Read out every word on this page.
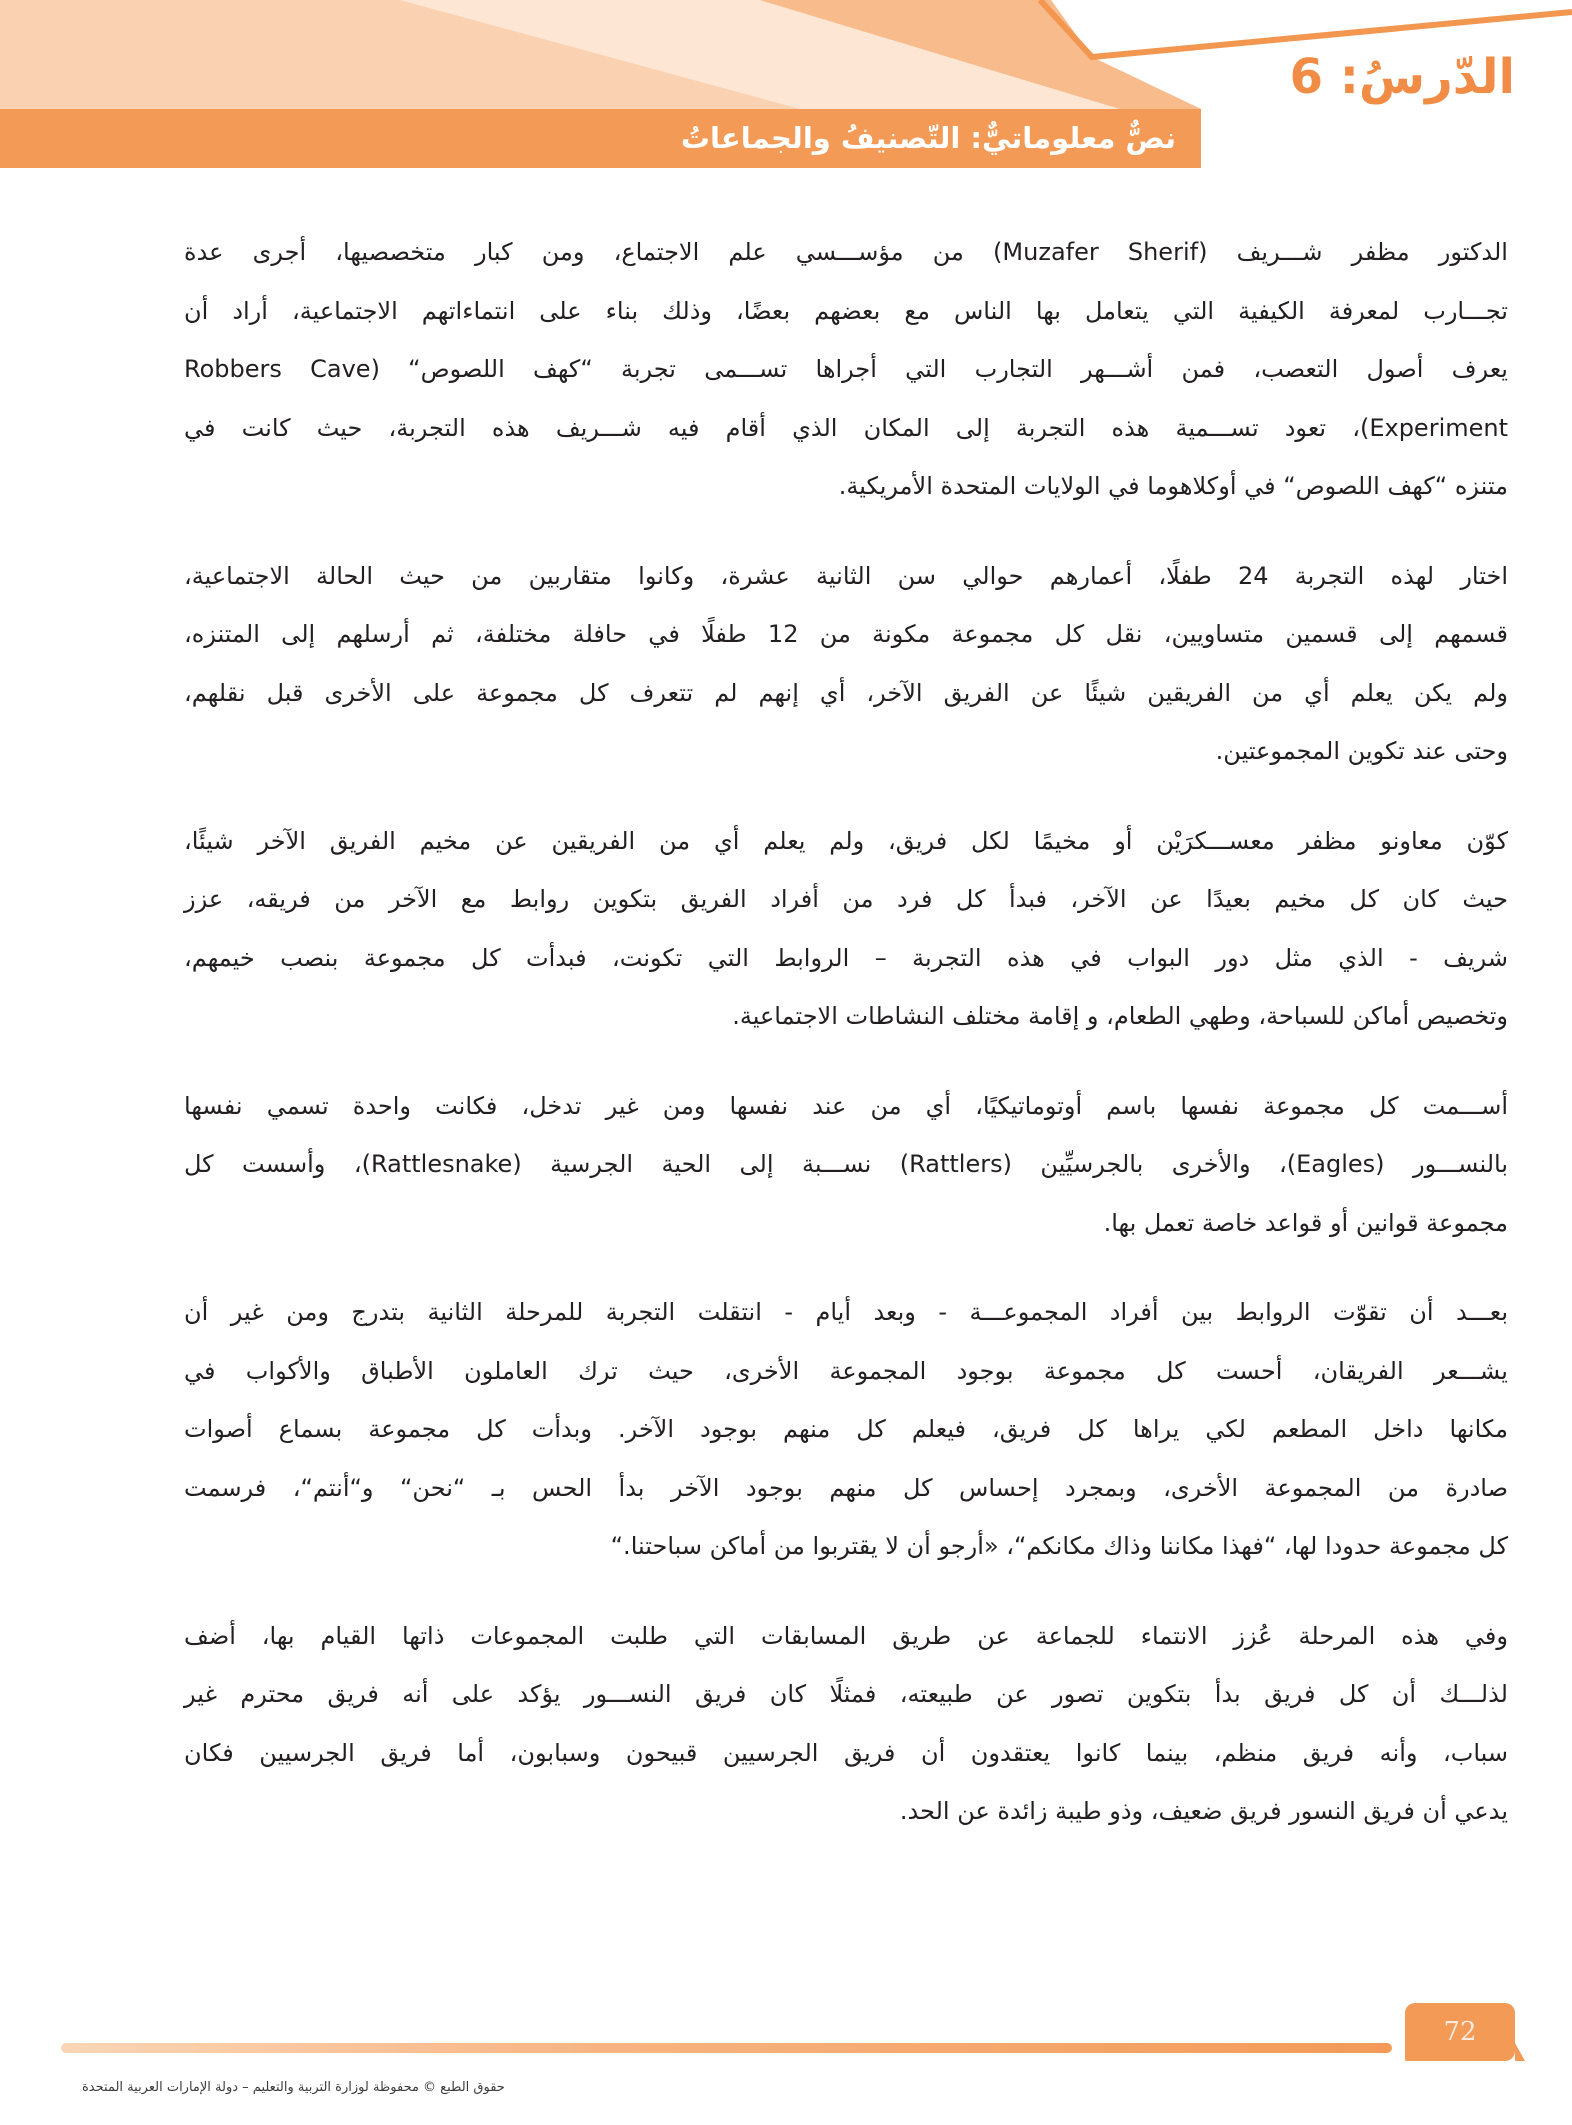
الدّرسُ: 6
نصٌّ معلوماتيٌّ: التّصنيفُ والجماعاتُ
الدكتور مظفر شـــريف (Muzafer Sherif) من مؤســـسي علم الاجتماع، ومن كبار متخصصيها، أجرى عدة
تجـــارب لمعرفة الكيفية التي يتعامل بها الناس مع بعضهم بعضًا، وذلك بناء على انتماءاتهم الاجتماعية، أراد أن
يعرف أصول التعصب، فمن أشـــهر التجارب التي أجراها تســـمى تجربة “كهف اللصوص“ (Robbers Cave
Experiment)، تعود تســـمية هذه التجربة إلى المكان الذي أقام فيه شـــريف هذه التجربة، حيث كانت في
متنزه “كهف اللصوص“ في أوكلاهوما في الولايات المتحدة الأمريكية.
اختار لهذه التجربة 24 طفلًا، أعمارهم حوالي سن الثانية عشرة، وكانوا متقاربين من حيث الحالة الاجتماعية،
قسمهم إلى قسمين متساويين، نقل كل مجموعة مكونة من 12 طفلًا في حافلة مختلفة، ثم أرسلهم إلى المتنزه،
ولم يكن يعلم أي من الفريقين شيئًا عن الفريق الآخر، أي إنهم لم تتعرف كل مجموعة على الأخرى قبل نقلهم،
وحتى عند تكوين المجموعتين.
كوّن معاونو مظفر معســـكرَيْن أو مخيمًا لكل فريق، ولم يعلم أي من الفريقين عن مخيم الفريق الآخر شيئًا،
حيث كان كل مخيم بعيدًا عن الآخر، فبدأ كل فرد من أفراد الفريق بتكوين روابط مع الآخر من فريقه، عزز
شريف - الذي مثل دور البواب في هذه التجربة – الروابط التي تكونت، فبدأت كل مجموعة بنصب خيمهم،
وتخصيص أماكن للسباحة، وطهي الطعام، و إقامة مختلف النشاطات الاجتماعية.
أســـمت كل مجموعة نفسها باسم أوتوماتيكيًا، أي من عند نفسها ومن غير تدخل، فكانت واحدة تسمي نفسها
بالنســـور (Eagles)، والأخرى بالجرسيِّين (Rattlers) نســـبة إلى الحية الجرسية (Rattlesnake)، وأسست كل
مجموعة قوانين أو قواعد خاصة تعمل بها.
بعـــد أن تقوّت الروابط بين أفراد المجموعـــة - وبعد أيام - انتقلت التجربة للمرحلة الثانية بتدرج ومن غير أن
يشـــعر الفريقان، أحست كل مجموعة بوجود المجموعة الأخرى، حيث ترك العاملون الأطباق والأكواب في
مكانها داخل المطعم لكي يراها كل فريق، فيعلم كل منهم بوجود الآخر. وبدأت كل مجموعة بسماع أصوات
صادرة من المجموعة الأخرى، وبمجرد إحساس كل منهم بوجود الآخر بدأ الحس بـ “نحن“ و“أنتم“، فرسمت
كل مجموعة حدودا لها، “فهذا مكاننا وذاك مكانكم“، «أرجو أن لا يقتربوا من أماكن سباحتنا.“
وفي هذه المرحلة عُزز الانتماء للجماعة عن طريق المسابقات التي طلبت المجموعات ذاتها القيام بها، أضف
لذلـــك أن كل فريق بدأ بتكوين تصور عن طبيعته، فمثلًا كان فريق النســـور يؤكد على أنه فريق محترم غير
سباب، وأنه فريق منظم، بينما كانوا يعتقدون أن فريق الجرسيين قبيحون وسبابون، أما فريق الجرسيين فكان
يدعي أن فريق النسور فريق ضعيف، وذو طيبة زائدة عن الحد.
72
حقوق الطبع © محفوظة لوزارة التربية والتعليم – دولة الإمارات العربية المتحدة
